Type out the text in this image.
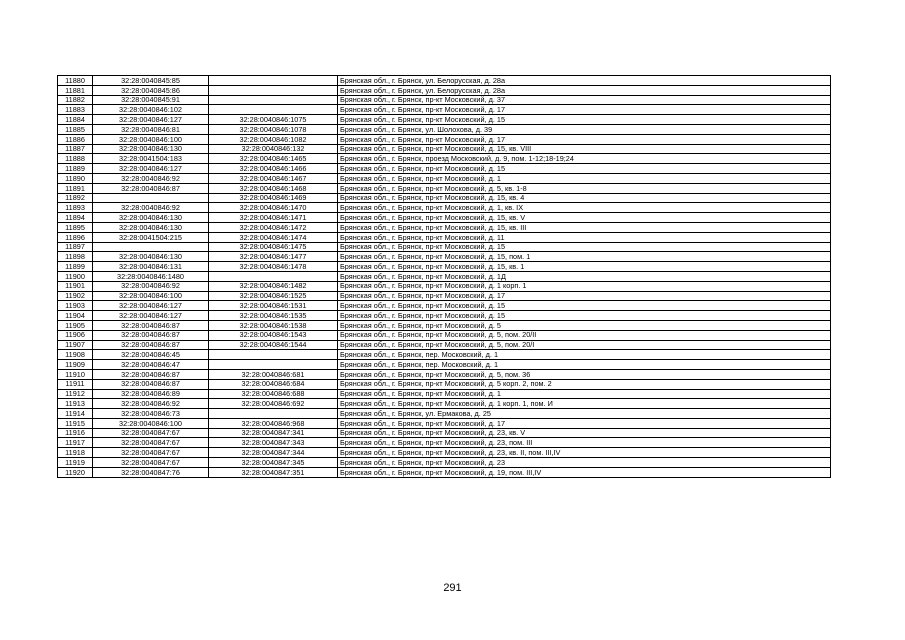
11880	32:28:0040845:85		Брянская обл., г. Брянск, ул. Белорусская, д. 28а
11881	32:28:0040845:86		Брянская обл., г. Брянск, ул. Белорусская, д. 28а
11882	32:28:0040845:91		Брянская обл., г. Брянск, пр-кт Московский, д. 37
11883	32:28:0040846:102		Брянская обл., г. Брянск, пр-кт Московский, д. 17
11884	32:28:0040846:127	32:28:0040846:1075	Брянская обл., г. Брянск, пр-кт Московский, д. 15
11885	32:28:0040846:81	32:28:0040846:1078	Брянская обл., г. Брянск, ул. Шолохова, д. 39
11886	32:28:0040846:100	32:28:0040846:1082	Брянская обл., г. Брянск, пр-кт Московский, д. 17
11887	32:28:0040846:130	32:28:0040846:132	Брянская обл., г. Брянск, пр-кт Московский, д. 15, кв. VIII
11888	32:28:0041504:183	32:28:0040846:1465	Брянская обл., г. Брянск, проезд Московский, д. 9, пом. 1-12;18-19;24
11889	32:28:0040846:127	32:28:0040846:1466	Брянская обл., г. Брянск, пр-кт Московский, д. 15
11890	32:28:0040846:92	32:28:0040846:1467	Брянская обл., г. Брянск, пр-кт Московский, д. 1
11891	32:28:0040846:87	32:28:0040846:1468	Брянская обл., г. Брянск, пр-кт Московский, д. 5, кв. 1-8
11892		32:28:0040846:1469	Брянская обл., г. Брянск, пр-кт Московский, д. 15, кв. 4
11893	32:28:0040846:92	32:28:0040846:1470	Брянская обл., г. Брянск, пр-кт Московский, д. 1, кв. IX
11894	32:28:0040846:130	32:28:0040846:1471	Брянская обл., г. Брянск, пр-кт Московский, д. 15, кв. V
11895	32:28:0040846:130	32:28:0040846:1472	Брянская обл., г. Брянск, пр-кт Московский, д. 15, кв. III
11896	32:28:0041504:215	32:28:0040846:1474	Брянская обл., г. Брянск, пр-кт Московский, д. 11
11897		32:28:0040846:1475	Брянская обл., г. Брянск, пр-кт Московский, д. 15
11898	32:28:0040846:130	32:28:0040846:1477	Брянская обл., г. Брянск, пр-кт Московский, д. 15, пом. 1
11899	32:28:0040846:131	32:28:0040846:1478	Брянская обл., г. Брянск, пр-кт Московский, д. 15, кв. 1
11900	32:28:0040846:1480		Брянская обл., г. Брянск, пр-кт Московский, д. 1Д
11901	32:28:0040846:92	32:28:0040846:1482	Брянская обл., г. Брянск, пр-кт Московский, д. 1 корп. 1
11902	32:28:0040846:100	32:28:0040846:1525	Брянская обл., г. Брянск, пр-кт Московский, д. 17
11903	32:28:0040846:127	32:28:0040846:1531	Брянская обл., г. Брянск, пр-кт Московский, д. 15
11904	32:28:0040846:127	32:28:0040846:1535	Брянская обл., г. Брянск, пр-кт Московский, д. 15
11905	32:28:0040846:87	32:28:0040846:1538	Брянская обл., г. Брянск, пр-кт Московский, д. 5
11906	32:28:0040846:87	32:28:0040846:1543	Брянская обл., г. Брянск, пр-кт Московский, д. 5, пом. 20/II
11907	32:28:0040846:87	32:28:0040846:1544	Брянская обл., г. Брянск, пр-кт Московский, д. 5, пом. 20/I
11908	32:28:0040846:45		Брянская обл., г. Брянск, пер. Московский, д. 1
11909	32:28:0040846:47		Брянская обл., г. Брянск, пер. Московский, д. 1
11910	32:28:0040846:87	32:28:0040846:681	Брянская обл., г. Брянск, пр-кт Московский, д. 5, пом. 36
11911	32:28:0040846:87	32:28:0040846:684	Брянская обл., г. Брянск, пр-кт Московский, д. 5 корп. 2, пом. 2
11912	32:28:0040846:89	32:28:0040846:688	Брянская обл., г. Брянск, пр-кт Московский, д. 1
11913	32:28:0040846:92	32:28:0040846:692	Брянская обл., г. Брянск, пр-кт Московский, д. 1 корп. 1, пом. И
11914	32:28:0040846:73		Брянская обл., г. Брянск, ул. Ермакова, д. 25
11915	32:28:0040846:100	32:28:0040846:968	Брянская обл., г. Брянск, пр-кт Московский, д. 17
11916	32:28:0040847:67	32:28:0040847:341	Брянская обл., г. Брянск, пр-кт Московский, д. 23, кв. V
11917	32:28:0040847:67	32:28:0040847:343	Брянская обл., г. Брянск, пр-кт Московский, д. 23, пом. III
11918	32:28:0040847:67	32:28:0040847:344	Брянская обл., г. Брянск, пр-кт Московский, д. 23, кв. II, пом. III,IV
11919	32:28:0040847:67	32:28:0040847:345	Брянская обл., г. Брянск, пр-кт Московский, д. 23
11920	32:28:0040847:76	32:28:0040847:351	Брянская обл., г. Брянск, пр-кт Московский, д. 19, пом. III,IV
291
